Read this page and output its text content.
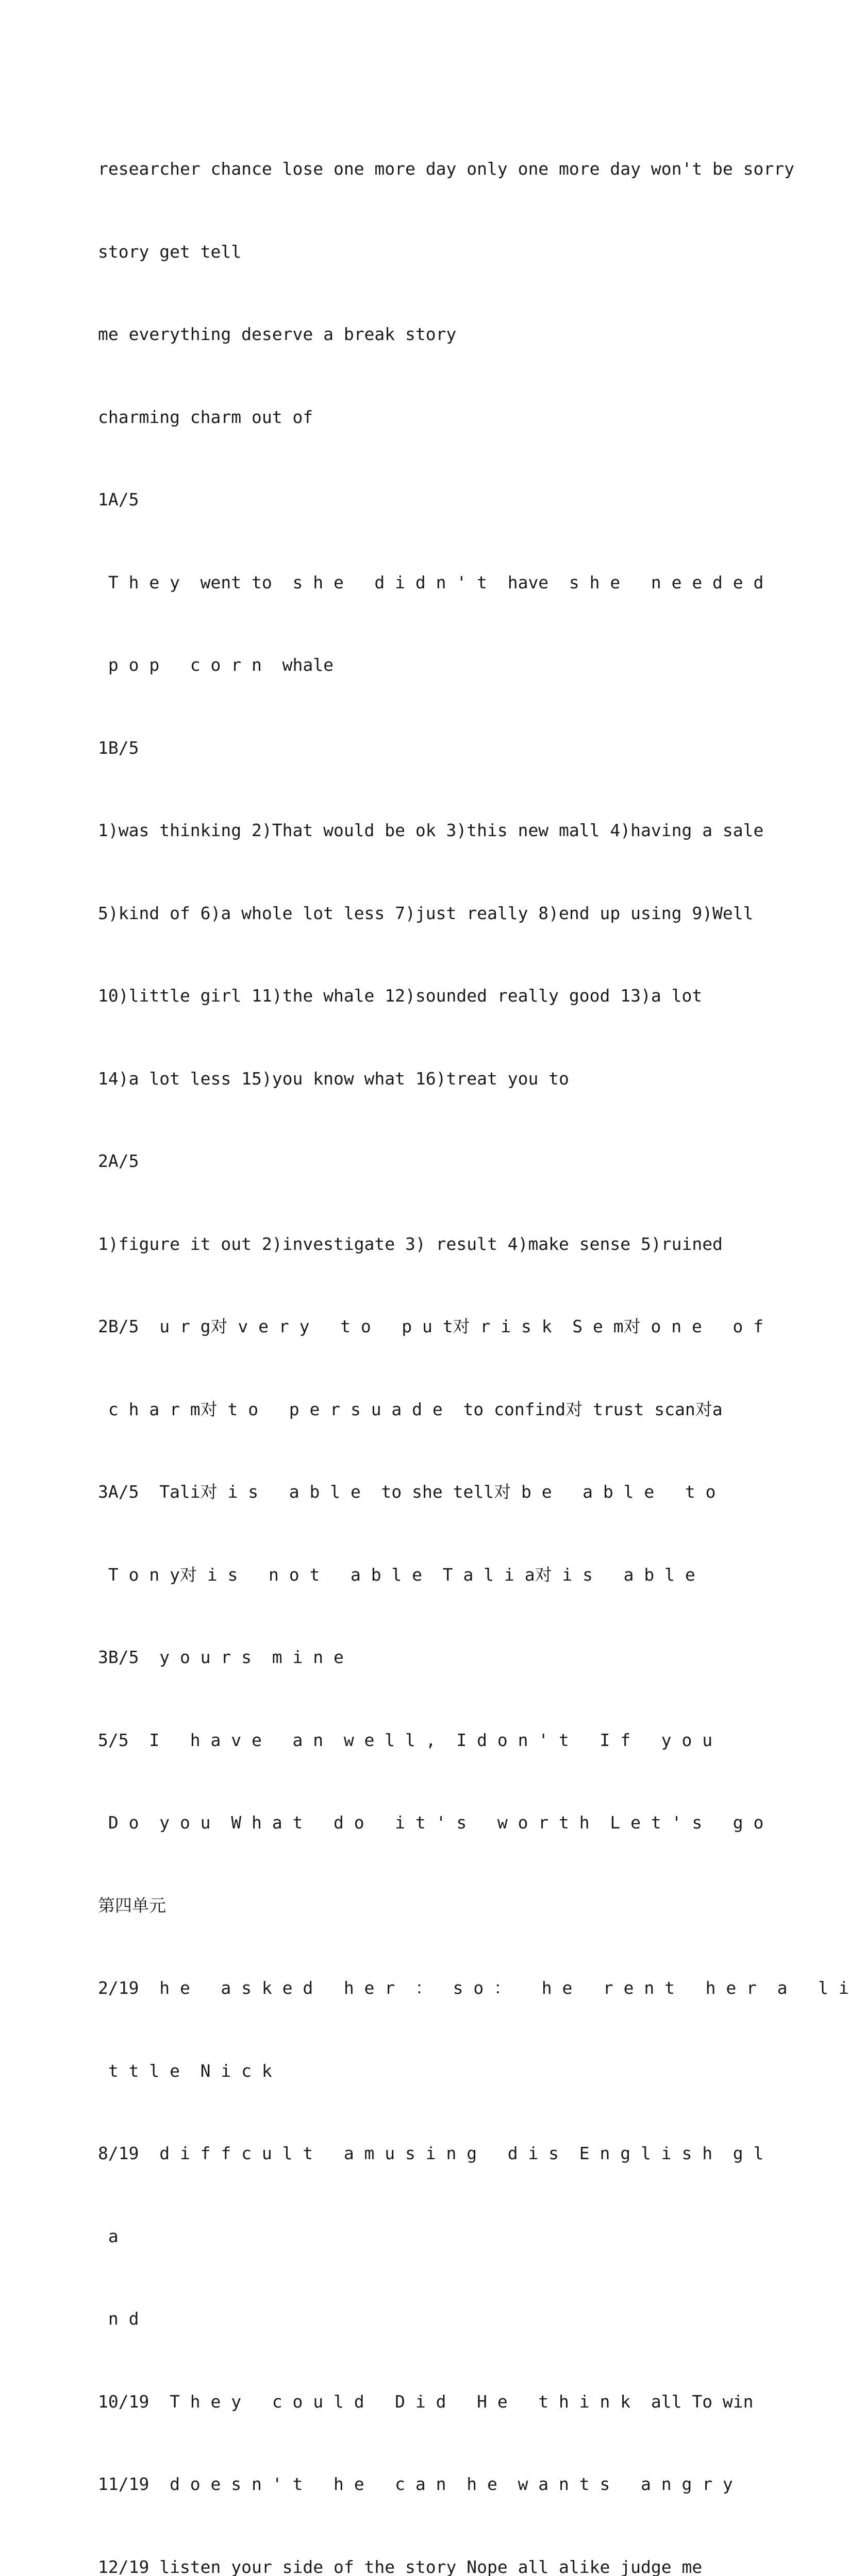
researcher chance lose one more day only one more day won't be sorry

story get tell

me everything deserve a break story

charming charm out of

1A/5

T h e y  went to  s h e   d i d n ' t  have  s h e   n e e d e d

p o p   c o r n  whale

1B/5

1)was thinking 2)That would be ok 3)this new mall 4)having a sale

5)kind of 6)a whole lot less 7)just really 8)end up using 9)Well

10)little girl 11)the whale 12)sounded really good 13)a lot

14)a lot less 15)you know what 16)treat you to

2A/5

1)figure it out 2)investigate 3) result 4)make sense 5)ruined

2B/5  u r g对 v e r y   t o   p u t对 r i s k  S e m对 o n e   o f

c h a r m对 t o   p e r s u a d e  to confind对 trust scan对a

3A/5  Tali对 i s   a b l e  to she tell对 b e   a b l e   t o

T o n y对 i s   n o t   a b l e  T a l i a对 i s   a b l e

3B/5  y o u r s  m i n e

5/5  I   h a v e   a n  w e l l ,  I d o n ' t   I f   y o u

D o  y o u  W h a t   d o   i t ' s   w o r t h  L e t ' s   g o

第四单元

2/19  h e   a s k e d   h e r  ：  s o ：   h e   r e n t   h e r  a   l i

t t l e  N i c k

8/19  d i f f c u l t   a m u s i n g   d i s  E n g l i s h  g l

a

n d

10/19  T h e y   c o u l d   D i d   H e   t h i n k  all To win

11/19  d o e s n ' t   h e   c a n  h e  w a n t s   a n g r y

12/19 listen your side of the story Nope all alike judge me
